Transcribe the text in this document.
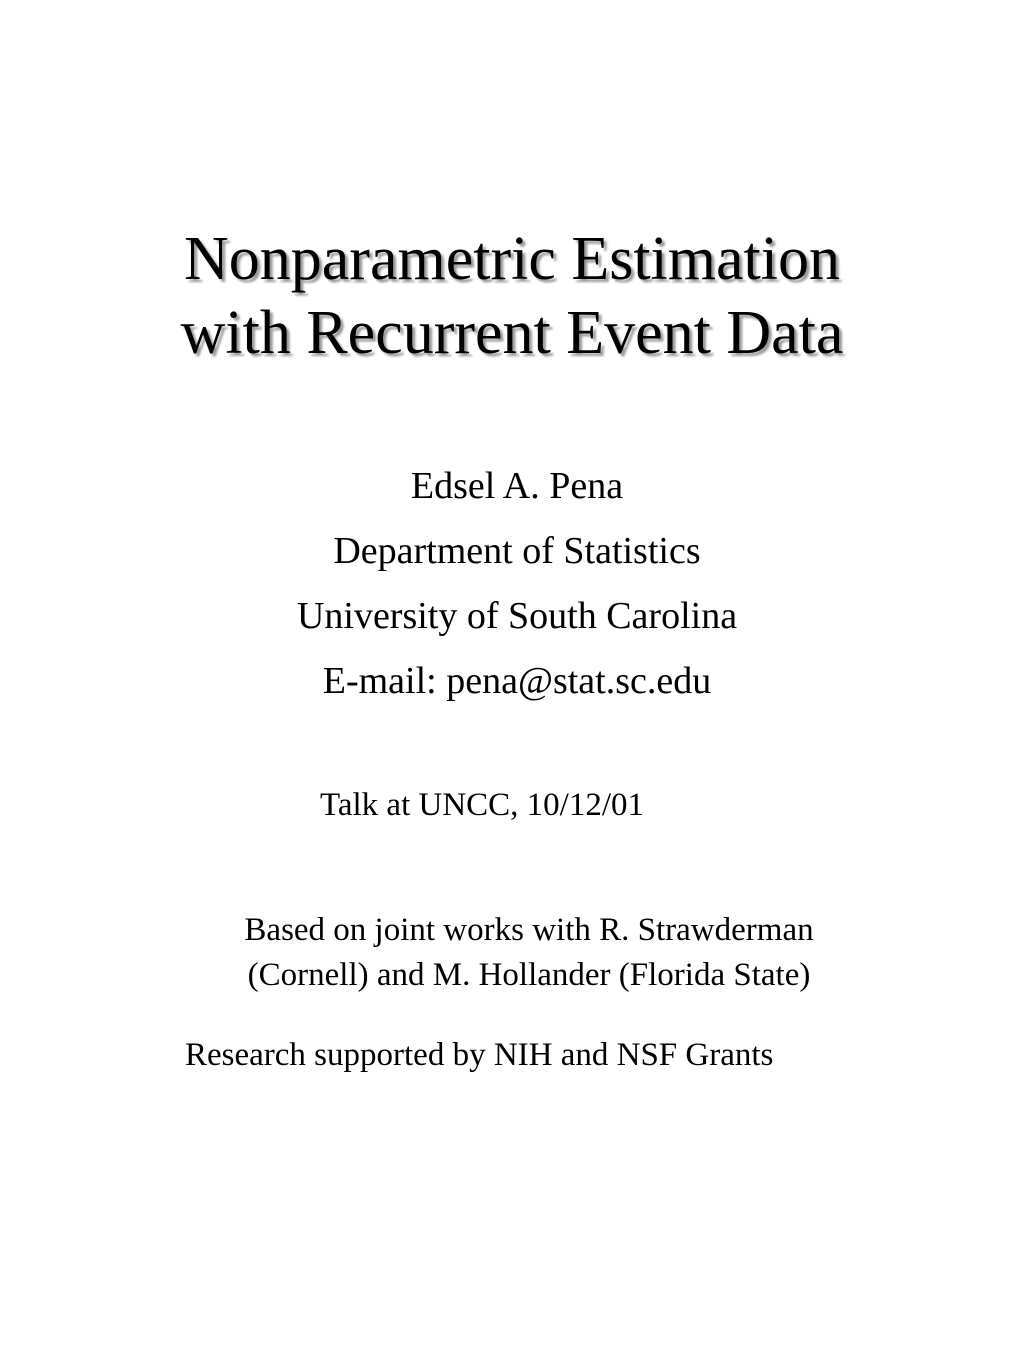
Nonparametric Estimation
with Recurrent Event Data
Edsel A. Pena
Department of Statistics
University of South Carolina
E-mail: pena@stat.sc.edu
Talk at UNCC, 10/12/01
Based on joint works with R. Strawderman
(Cornell) and M. Hollander (Florida State)
Research supported by NIH and NSF Grants
